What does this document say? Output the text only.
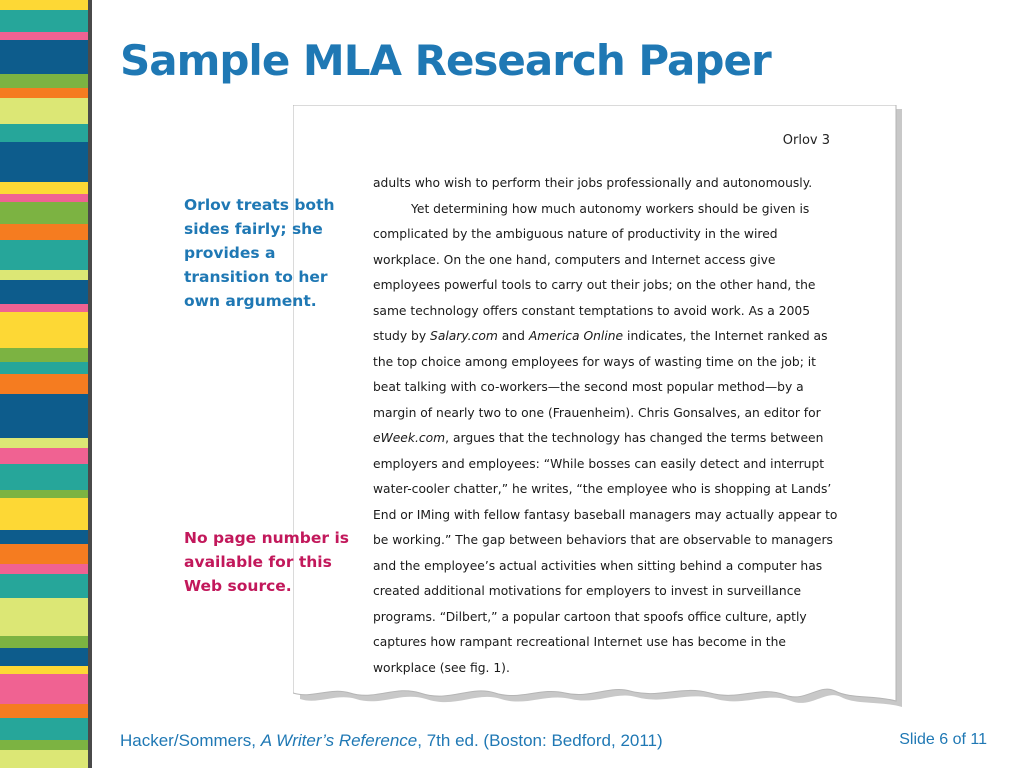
Sample MLA Research Paper
Orlov 3

adults who wish to perform their jobs professionally and autonomously.
Yet determining how much autonomy workers should be given is
complicated by the ambiguous nature of productivity in the wired
workplace. On the one hand, computers and Internet access give
employees powerful tools to carry out their jobs; on the other hand, the
same technology offers constant temptations to avoid work. As a 2005
study by Salary.com and America Online indicates, the Internet ranked as
the top choice among employees for ways of wasting time on the job; it
beat talking with co-workers—the second most popular method—by a
margin of nearly two to one (Frauenheim). Chris Gonsalves, an editor for
eWeek.com, argues that the technology has changed the terms between
employers and employees: “While bosses can easily detect and interrupt
water-cooler chatter,” he writes, “the employee who is shopping at Lands’
End or IMing with fellow fantasy baseball managers may actually appear to
be working.” The gap between behaviors that are observable to managers
and the employee’s actual activities when sitting behind a computer has
created additional motivations for employers to invest in surveillance
programs. “Dilbert,” a popular cartoon that spoofs office culture, aptly
captures how rampant recreational Internet use has become in the
workplace (see fig. 1).

Orlov treats both
sides fairly; she
provides a
transition to her
own argument.

No page number is
available for this
Web source.

Hacker/Sommers, A Writer’s Reference, 7th ed. (Boston: Bedford, 2011)	Slide 6 of 11
